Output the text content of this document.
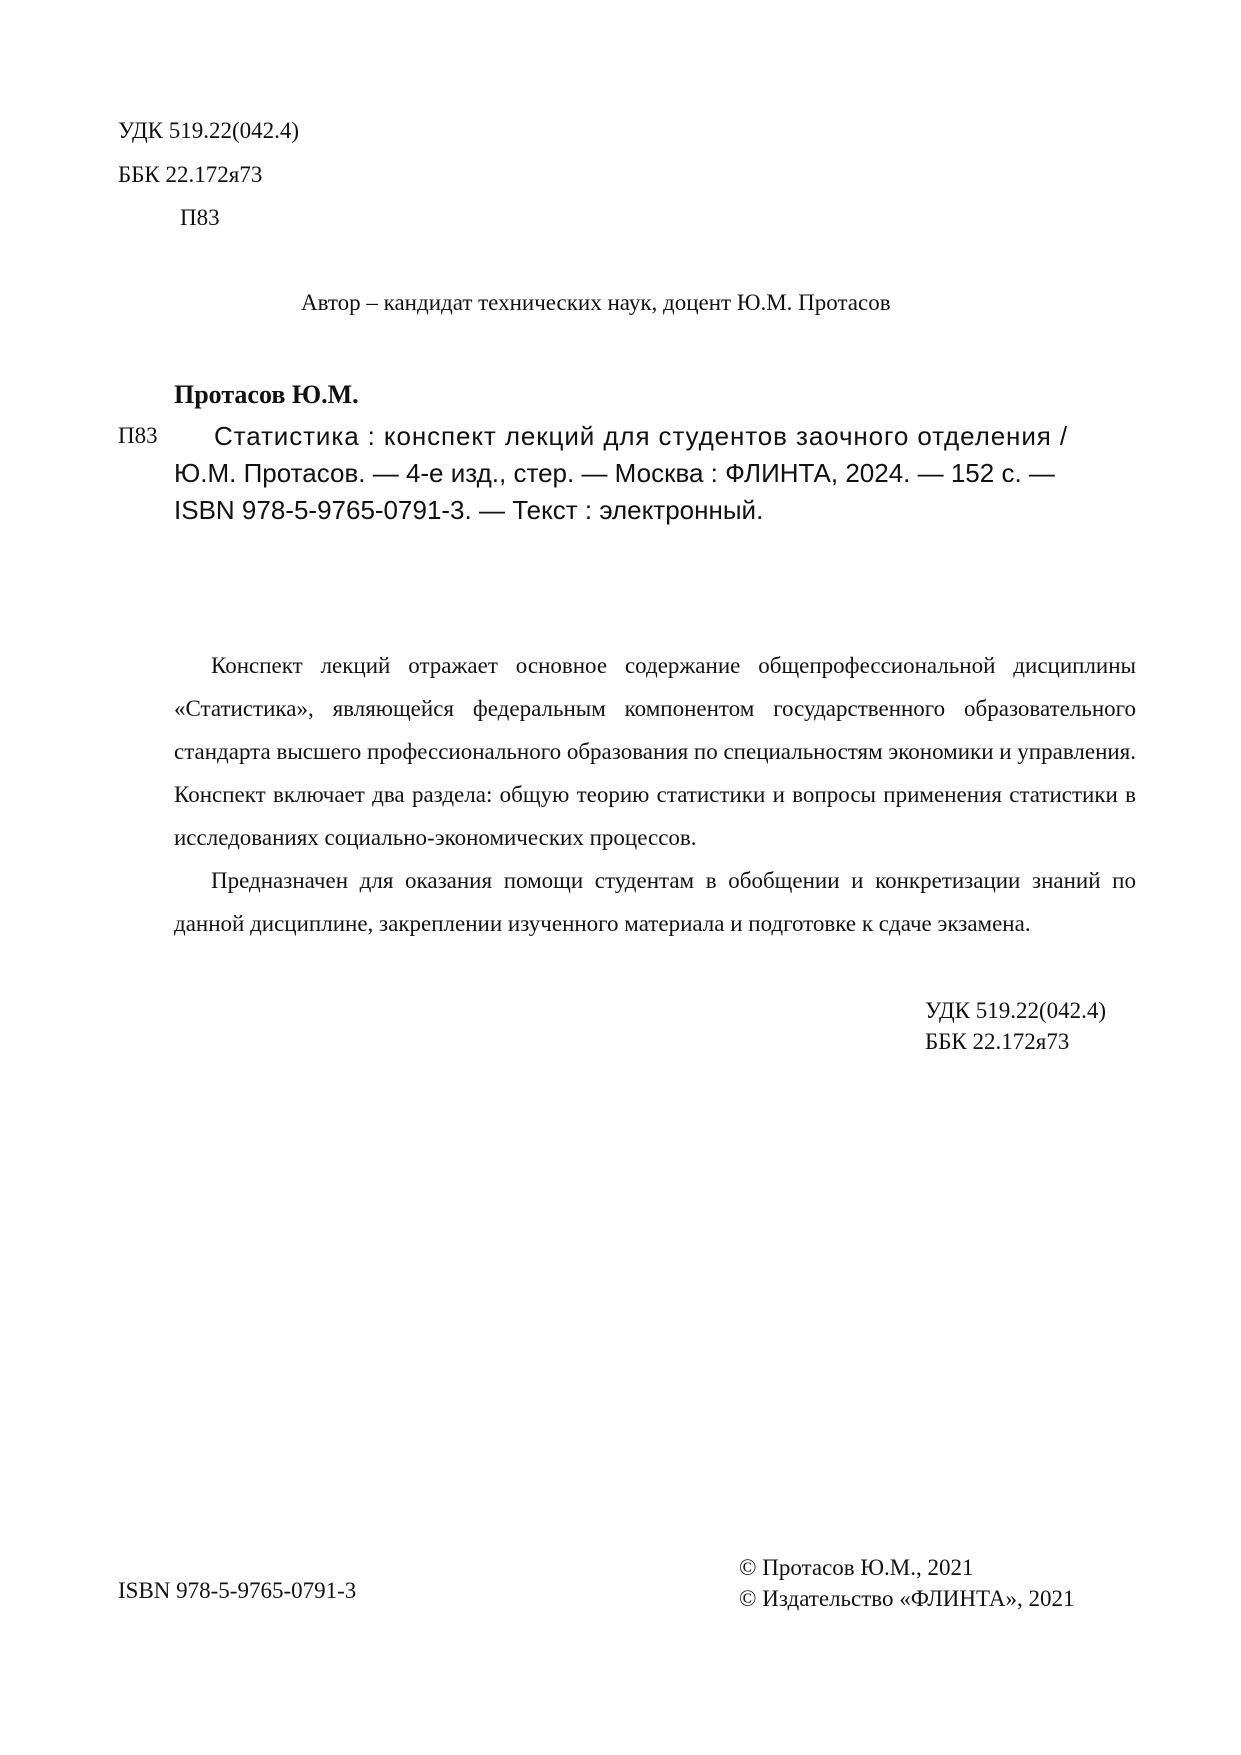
УДК 519.22(042.4)

ББК 22.172я73

П83

Автор – кандидат технических наук, доцент Ю.М. Протасов

Протасов Ю.М.

П83	Статистика : конспект лекций для студентов заочного отделения /
Ю.М. Протасов. — 4-е изд., стер. — Москва : ФЛИНТА, 2024. — 152 с. —
ISBN 978-5-9765-0791-3. — Текст : электронный.

Конспект лекций отражает основное содержание общепрофессиональной дисциплины «Статистика», являющейся федеральным компонентом государственного образовательного стандарта высшего профессионального образования по специальностям экономики и управления. Конспект включает два раздела: общую теорию статистики и вопросы применения статистики в исследованиях социально-экономических процессов.

Предназначен для оказания помощи студентам в обобщении и конкретизации знаний по данной дисциплине, закреплении изученного материала и подготовке к сдаче экзамена.

УДК 519.22(042.4)

ББК 22.172я73

ISBN 978-5-9765-0791-3

© Протасов Ю.М., 2021

© Издательство «ФЛИНТА», 2021
